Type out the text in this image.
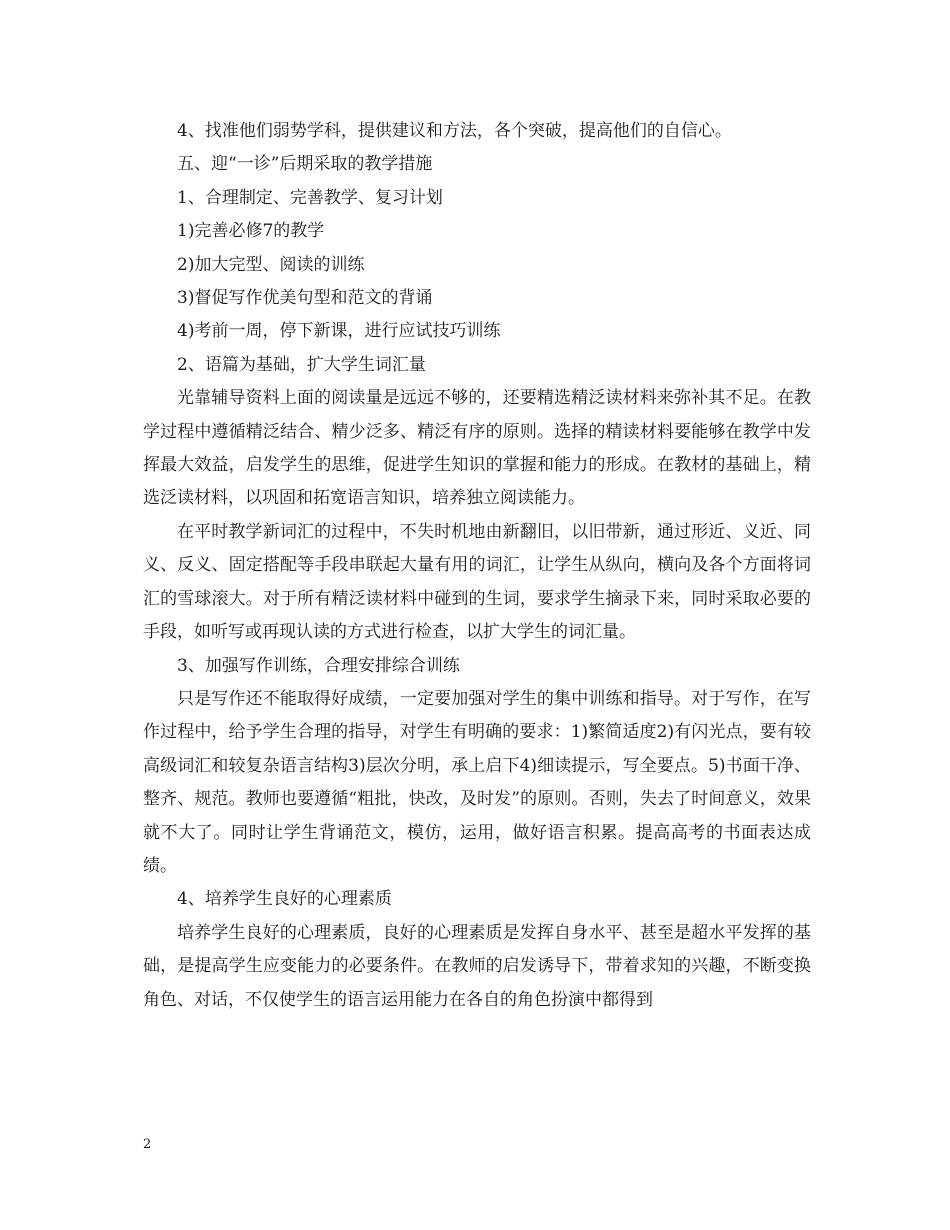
4、找准他们弱势学科，提供建议和方法，各个突破，提高他们的自信心。

五、迎“一诊”后期采取的教学措施

1、合理制定、完善教学、复习计划

1)完善必修7的教学

2)加大完型、阅读的训练

3)督促写作优美句型和范文的背诵

4)考前一周，停下新课，进行应试技巧训练

2、语篇为基础，扩大学生词汇量

光靠辅导资料上面的阅读量是远远不够的，还要精选精泛读材料来弥补其不足。在教学过程中遵循精泛结合、精少泛多、精泛有序的原则。选择的精读材料要能够在教学中发挥最大效益，启发学生的思维，促进学生知识的掌握和能力的形成。在教材的基础上，精选泛读材料，以巩固和拓宽语言知识，培养独立阅读能力。

在平时教学新词汇的过程中，不失时机地由新翻旧，以旧带新，通过形近、义近、同义、反义、固定搭配等手段串联起大量有用的词汇，让学生从纵向，横向及各个方面将词汇的雪球滚大。对于所有精泛读材料中碰到的生词，要求学生摘录下来，同时采取必要的手段，如听写或再现认读的方式进行检查，以扩大学生的词汇量。

3、加强写作训练，合理安排综合训练

只是写作还不能取得好成绩，一定要加强对学生的集中训练和指导。对于写作，在写作过程中，给予学生合理的指导，对学生有明确的要求：1)繁简适度2)有闪光点，要有较高级词汇和较复杂语言结构3)层次分明，承上启下4)细读提示，写全要点。5)书面干净、整齐、规范。教师也要遵循“粗批，快改，及时发”的原则。否则，失去了时间意义，效果就不大了。同时让学生背诵范文，模仿，运用，做好语言积累。提高高考的书面表达成绩。

4、培养学生良好的心理素质

培养学生良好的心理素质，良好的心理素质是发挥自身水平、甚至是超水平发挥的基础，是提高学生应变能力的必要条件。在教师的启发诱导下，带着求知的兴趣，不断变换角色、对话，不仅使学生的语言运用能力在各自的角色扮演中都得到

2
